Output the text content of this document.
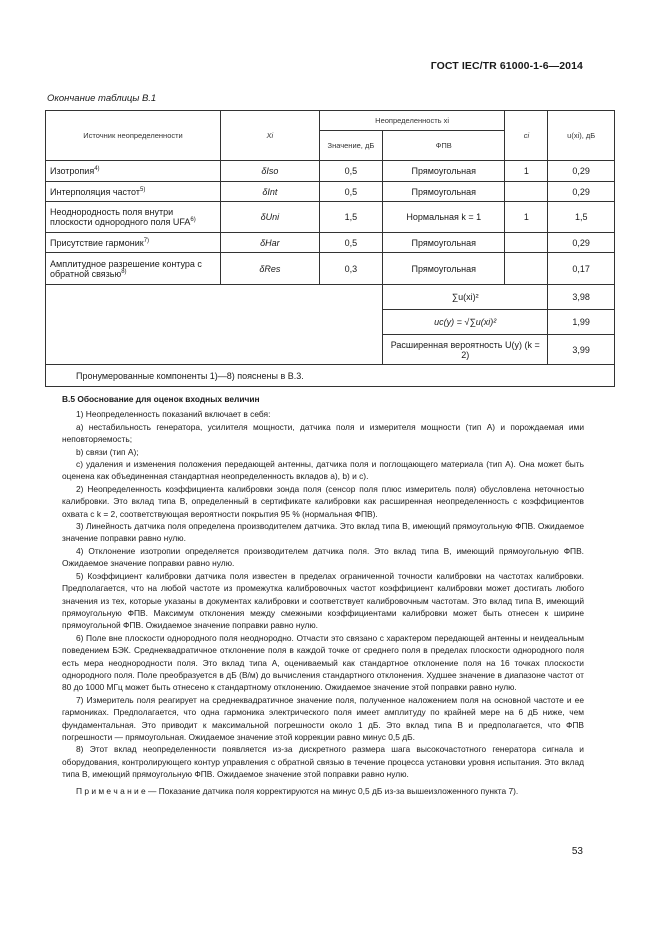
ГОСТ IEC/TR 61000-1-6—2014
Окончание таблицы B.1
Источник неопределенности	Xi	Неопределенность xi		ci	u(xi), дБ
		Значение, дБ	ФПВ		
Изотропия$^{4)}$	δIso	0,5	Прямоугольная	1	0,29
Интерполяция частот$^{5)}$	δInt	0,5	Прямоугольная		0,29
Неоднородность поля внутри плоскости однородного поля UFA$^{6)}$	δUni	1,5	Нормальная k = 1	1	1,5
Присутствие гармоник$^{7)}$	δHar	0,5	Прямоугольная		0,29
Амплитудное разрешение контура с обратной связью$^{8)}$	δRes	0,3	Прямоугольная		0,17
			∑u(xi)²		3,98
			uc(y) = √∑u(xi)²		1,99
			Расширенная вероятность U(y) (k = 2)		3,99
Пронумерованные компоненты 1)—8) пояснены в B.3.					

B.5 Обоснование для оценок входных величин

1) Неопределенность показаний включает в себя:

a) нестабильность генератора, усилителя мощности, датчика поля и измерителя мощности (тип А) и порождаемая ими неповторяемость;

b) связи (тип А);

c) удаления и изменения положения передающей антенны, датчика поля и поглощающего материала (тип А). Она может быть оценена как объединенная стандартная неопределенность вкладов а), b) и c).

2) Неопределенность коэффициента калибровки зонда поля (сенсор поля плюс измеритель поля) обусловлена неточностью калибровки. Это вклад типа В, определенный в сертификате калибровки как расширенная неопределенность с коэффициентов охвата с k = 2, соответствующая вероятности покрытия 95 % (нормальная ФПВ).

3) Линейность датчика поля определена производителем датчика. Это вклад типа В, имеющий прямоугольную ФПВ. Ожидаемое значение поправки равно нулю.

4) Отклонение изотропии определяется производителем датчика поля. Это вклад типа В, имеющий прямоугольную ФПВ. Ожидаемое значение поправки равно нулю.

5) Коэффициент калибровки датчика поля известен в пределах ограниченной точности калибровки на частотах калибровки. Предполагается, что на любой частоте из промежутка калибровочных частот коэффициент калибровки может достигать любого значения из тех, которые указаны в документах калибровки и соответствует калибровочным частотам. Это вклад типа В, имеющий прямоугольную ФПВ. Максимум отклонения между смежными коэффициентами калибровки может быть отнесен к ширине прямоугольной ФПВ. Ожидаемое значение поправки равно нулю.

6) Поле вне плоскости однородного поля неоднородно. Отчасти это связано с характером передающей антенны и неидеальным поведением БЭК. Среднеквадратичное отклонение поля в каждой точке от среднего поля в пределах плоскости однородного поля есть мера неоднородности поля. Это вклад типа А, оцениваемый как стандартное отклонение поля на 16 точках плоскости однородного поля. Поле преобразуется в дБ (В/м) до вычисления стандартного отклонения. Худшее значение в диапазоне частот от 80 до 1000 МГц может быть отнесено к стандартному отклонению. Ожидаемое значение этой поправки равно нулю.

7) Измеритель поля реагирует на среднеквадратичное значение поля, полученное наложением поля на основной частоте и ее гармониках. Предполагается, что одна гармоника электрического поля имеет амплитуду по крайней мере на 6 дБ ниже, чем фундаментальная. Это приводит к максимальной погрешности около 1 дБ. Это вклад типа В и предполагается, что ФПВ погрешности — прямоугольная. Ожидаемое значение этой коррекции равно минус 0,5 дБ.

8) Этот вклад неопределенности появляется из-за дискретного размера шага высокочастотного генератора сигнала и оборудования, контролирующего контур управления с обратной связью в течение процесса установки уровня испытания. Это вклад типа В, имеющий прямоугольную ФПВ. Ожидаемое значение этой поправки равно нулю.

П р и м е ч а н и е — Показание датчика поля корректируются на минус 0,5 дБ из-за вышеизложенного пункта 7).

53
